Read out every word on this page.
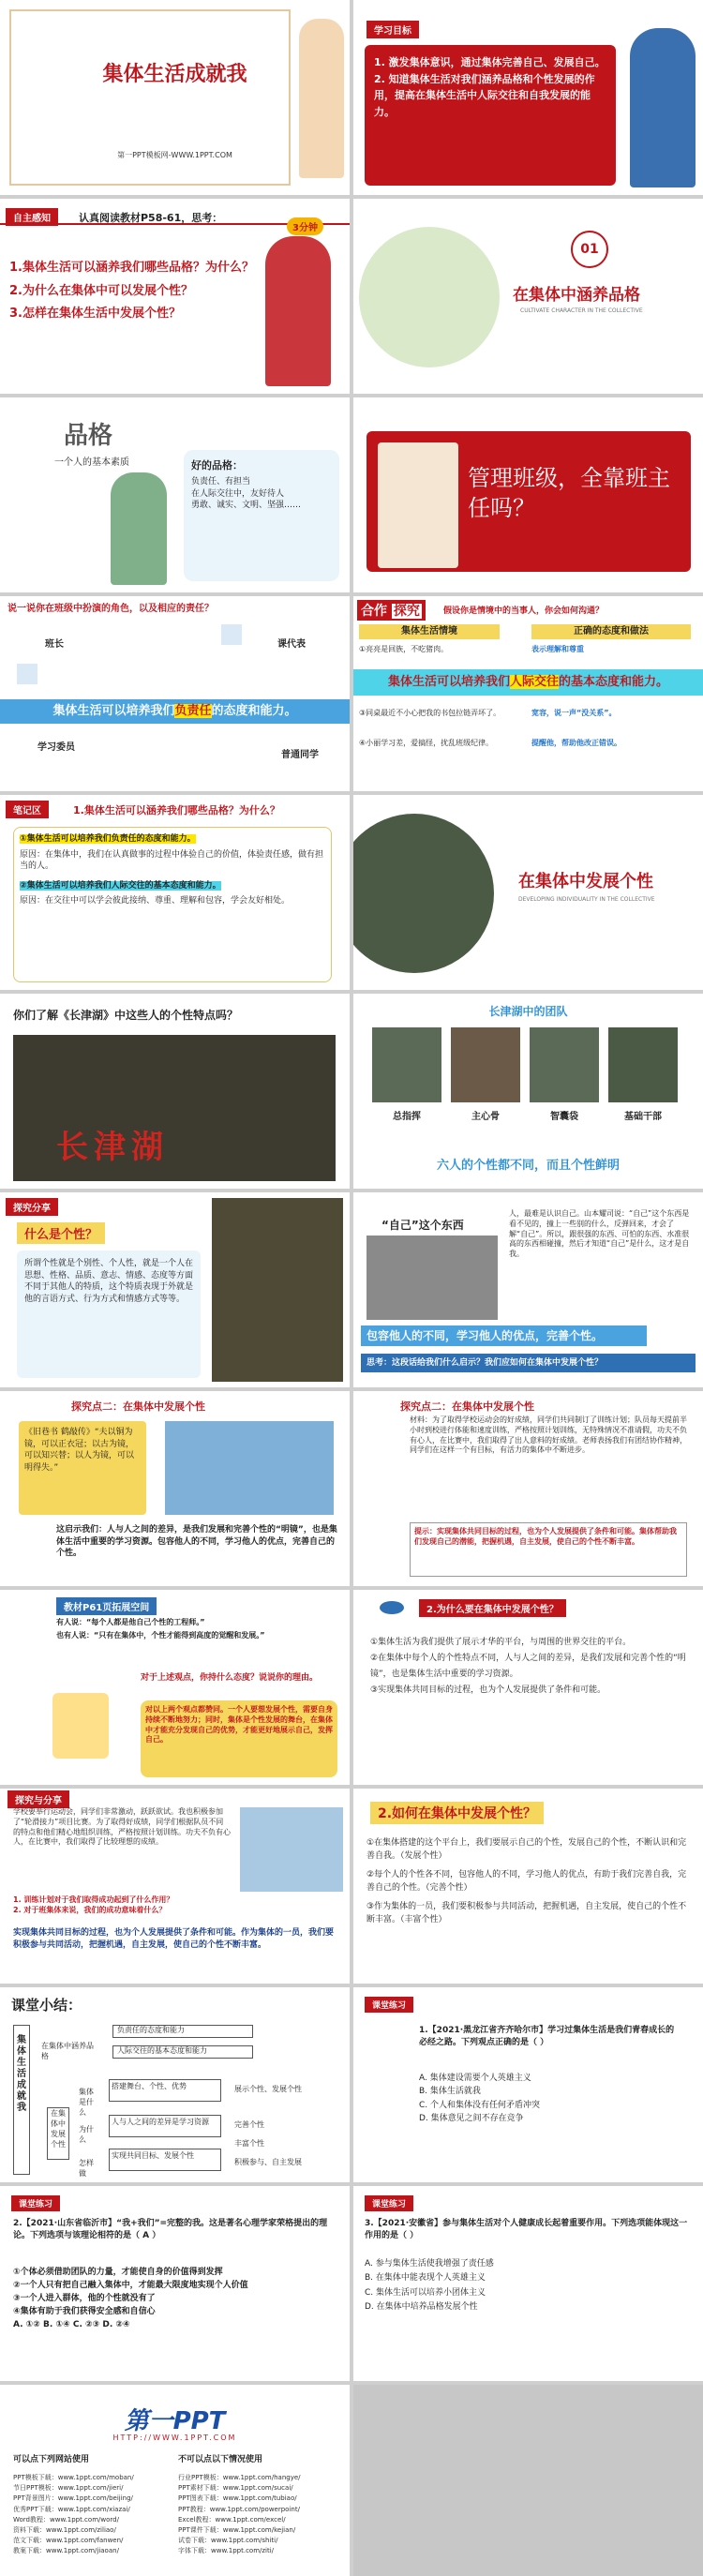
集体生活成就我
第一PPT模板网-WWW.1PPT.COM
学习目标
1. 激发集体意识，通过集体完善自己、发展自己。
2. 知道集体生活对我们涵养品格和个性发展的作用，提高在集体生活中人际交往和自我发展的能力。
自主感知	认真阅读教材P58-61，思考：
3分钟
1.集体生活可以涵养我们哪些品格？为什么？
2.为什么在集体中可以发展个性？
3.怎样在集体生活中发展个性？
01
在集体中涵养品格
CULTIVATE CHARACTER IN THE COLLECTIVE
品格
一个人的基本素质	好的品格：
负责任、有担当
在人际交往中，友好待人
勇敢、诚实、文明、坚强……
管理班级，全靠班主任吗？
说一说你在班级中扮演的角色，以及相应的责任？
班长	课代表
集体生活可以培养我们负责任的态度和能力。
学习委员
普通同学
合作 探究	假设你是情境中的当事人，你会如何沟通？
集体生活情境	正确的态度和做法
①亮亮是回族，不吃猪肉。	表示理解和尊重
集体生活可以培养我们人际交往的基本态度和能力。
③同桌最近不小心把我的书包拉链弄坏了。	宽容，说一声“没关系”。
④小丽学习差，爱搞怪，扰乱班级纪律。	提醒他，帮助他改正错误。
笔记区	1.集体生活可以涵养我们哪些品格？为什么？
①集体生活可以培养我们负责任的态度和能力。
原因：在集体中，我们在认真做事的过程中体验自己的价值，体验责任感，做有担当的人。
②集体生活可以培养我们人际交往的基本态度和能力。
原因：在交往中可以学会彼此接纳、尊重、理解和包容，学会友好相处。
在集体中发展个性
DEVELOPING INDIVIDUALITY IN THE COLLECTIVE
你们了解《长津湖》中这些人的个性特点吗？
长津湖
长津湖中的团队
总指挥	主心骨	智囊袋	基础干部
六人的个性都不同，而且个性鲜明
探究分享
什么是个性？
所谓个性就是个别性、个人性，就是一个人在思想、性格、品质、意志、情感、态度等方面不同于其他人的特质，这个特质表现于外就是他的言语方式、行为方式和情感方式等等。
“自己”这个东西
人，最难是认识自己。山本耀司说：“自己”这个东西是看不见的，撞上一些别的什么，反弹回来，才会了解“自己”。所以，跟很强的东西、可怕的东西、水准很高的东西相碰撞，然后才知道“自己”是什么，这才是自我。
包容他人的不同，学习他人的优点，完善个性。
思考：这段话给我们什么启示？我们应如何在集体中发展个性？
探究点二：在集体中发展个性
《旧巷书 鹤敲传》“夫以铜为镜，可以正衣冠；以古为镜，可以知兴替；以人为镜，可以明得失。”
这启示我们：人与人之间的差异，是我们发展和完善个性的“明镜”，也是集体生活中重要的学习资源。包容他人的不同，学习他人的优点，完善自己的个性。
探究点二：在集体中发展个性
材料：为了取得学校运动会的好成绩，同学们共同制订了训练计划；队员每天提前半小时到校进行体能和速度训练，严格按照计划训练，无特殊情况不准请假，功夫不负有心人，在比赛中，我们取得了出人意料的好成绩。老师表扬我们有团结协作精神，同学们在这样一个有目标，有活力的集体中不断进步。
提示：实现集体共同目标的过程，也为个人发展提供了条件和可能。集体帮助我们发现自己的潜能，把握机遇，自主发展，使自己的个性不断丰富。
教材P61页拓展空间
有人说：“每个人都是他自己个性的工程师。”
也有人说：“只有在集体中，个性才能得到高度的觉醒和发展。”
对于上述观点，你持什么态度？说说你的理由。
对以上两个观点都赞同。一个人要想发展个性，需要自身持续不断地努力；同时，集体是个性发展的舞台，在集体中才能充分发现自己的优势，才能更好地展示自己，发挥自己。
2.为什么要在集体中发展个性？
①集体生活为我们提供了展示才华的平台，与周围的世界交往的平台。
②在集体中每个人的个性特点不同，人与人之间的差异，是我们发展和完善个性的“明镜”，也是集体生活中重要的学习资源。
③实现集体共同目标的过程，也为个人发展提供了条件和可能。
探究与分享
学校要举行运动会，同学们非常激动，跃跃欲试。我也积极参加了“轮滑接力”项目比赛。为了取得好成绩，同学们根据队员不同的特点和他们精心地组织训练，严格按照计划训练。功夫不负有心人，在比赛中，我们取得了比较理想的成绩。
1. 训练计划对于我们取得成功起到了什么作用？
2. 对于班集体来说，我们的成功意味着什么？
实现集体共同目标的过程，也为个人发展提供了条件和可能。作为集体的一员，我们要积极参与共同活动，把握机遇，自主发展，使自己的个性不断丰富。
2.如何在集体中发展个性？
①在集体搭建的这个平台上，我们要展示自己的个性，发展自己的个性，不断认识和完善自我。（发展个性）
②每个人的个性各不同，包容他人的不同，学习他人的优点，有助于我们完善自我，完善自己的个性。（完善个性）
③作为集体的一员，我们要积极参与共同活动，把握机遇，自主发展，使自己的个性不断丰富。（丰富个性）
课堂小结：
集体生活成就我
在集体中涵养品格
在集体中发展个性
负责任的态度和能力
人际交往的基本态度和能力
集体是什么
为什么
怎样做
搭建舞台、个性、优势
人与人之间的差异是学习资源
实现共同目标、发展个性
展示个性、发展个性
完善个性
丰富个性
积极参与、自主发展
课堂练习
1.【2021·黑龙江省齐齐哈尔市】学习过集体生活是我们青春成长的必经之路。下列观点正确的是（ ）
A. 集体建设需要个人英雄主义
B. 集体生活就我
C. 个人和集体没有任何矛盾冲突
D. 集体意见之间不存在竞争
课堂练习
2.【2021·山东省临沂市】“我+我们”=完整的我。这是著名心理学家荣格提出的理论。下列选项与该理论相符的是（ A ）
①个体必须借助团队的力量，才能使自身的价值得到发挥
②一个人只有把自己融入集体中，才能最大限度地实现个人价值
③一个人进入群体，他的个性就没有了
④集体有助于我们获得安全感和自信心
A. ①② B. ①④ C. ②③ D. ②④
课堂练习
3.【2021·安徽省】参与集体生活对个人健康成长起着重要作用。下列选项能体现这一作用的是（ ）
A. 参与集体生活使我增强了责任感
B. 在集体中能表现个人英雄主义
C. 集体生活可以培养小团体主义
D. 在集体中培养品格发展个性
第一PPT
HTTP://WWW.1PPT.COM
可以点下列网站使用	不可以点以下情况使用
PPT模板下载：www.1ppt.com/moban/
节日PPT模板：www.1ppt.com/jieri/
PPT背景图片：www.1ppt.com/beijing/
优秀PPT下载：www.1ppt.com/xiazai/
Word教程：www.1ppt.com/word/
资料下载：www.1ppt.com/ziliao/
范文下载：www.1ppt.com/fanwen/
教案下载：www.1ppt.com/jiaoan/
行业PPT模板：www.1ppt.com/hangye/
PPT素材下载：www.1ppt.com/sucai/
PPT图表下载：www.1ppt.com/tubiao/
PPT教程：www.1ppt.com/powerpoint/
Excel教程：www.1ppt.com/excel/
PPT课件下载：www.1ppt.com/kejian/
试卷下载：www.1ppt.com/shiti/
字体下载：www.1ppt.com/ziti/
